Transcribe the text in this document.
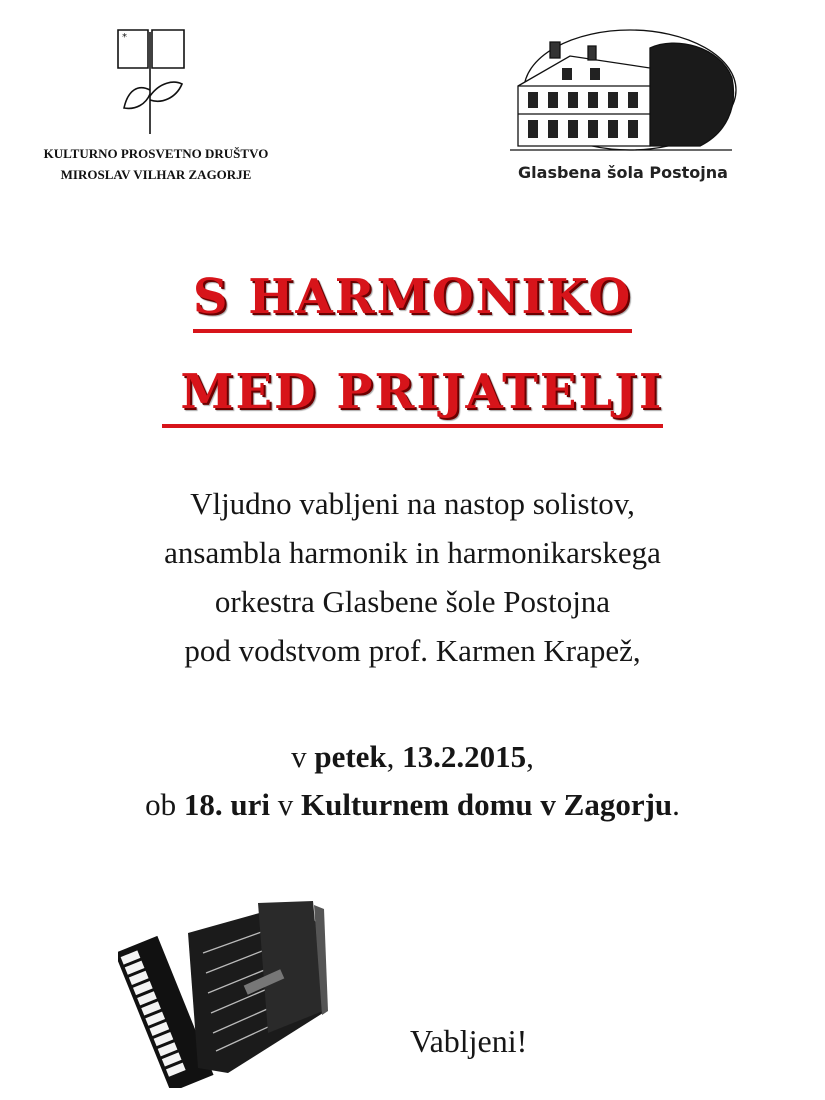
*
KULTURNO PROSVETNO DRUŠTVO
MIROSLAV VILHAR ZAGORJE	Glasbena šola Postojna
S HARMONIKO
MED PRIJATELJI
Vljudno vabljeni na nastop solistov,
ansambla harmonik in harmonikarskega
orkestra Glasbene šole Postojna
pod vodstvom prof. Karmen Krapež,
v petek, 13.2.2015,
ob 18. uri v Kulturnem domu v Zagorju.
Vabljeni!
